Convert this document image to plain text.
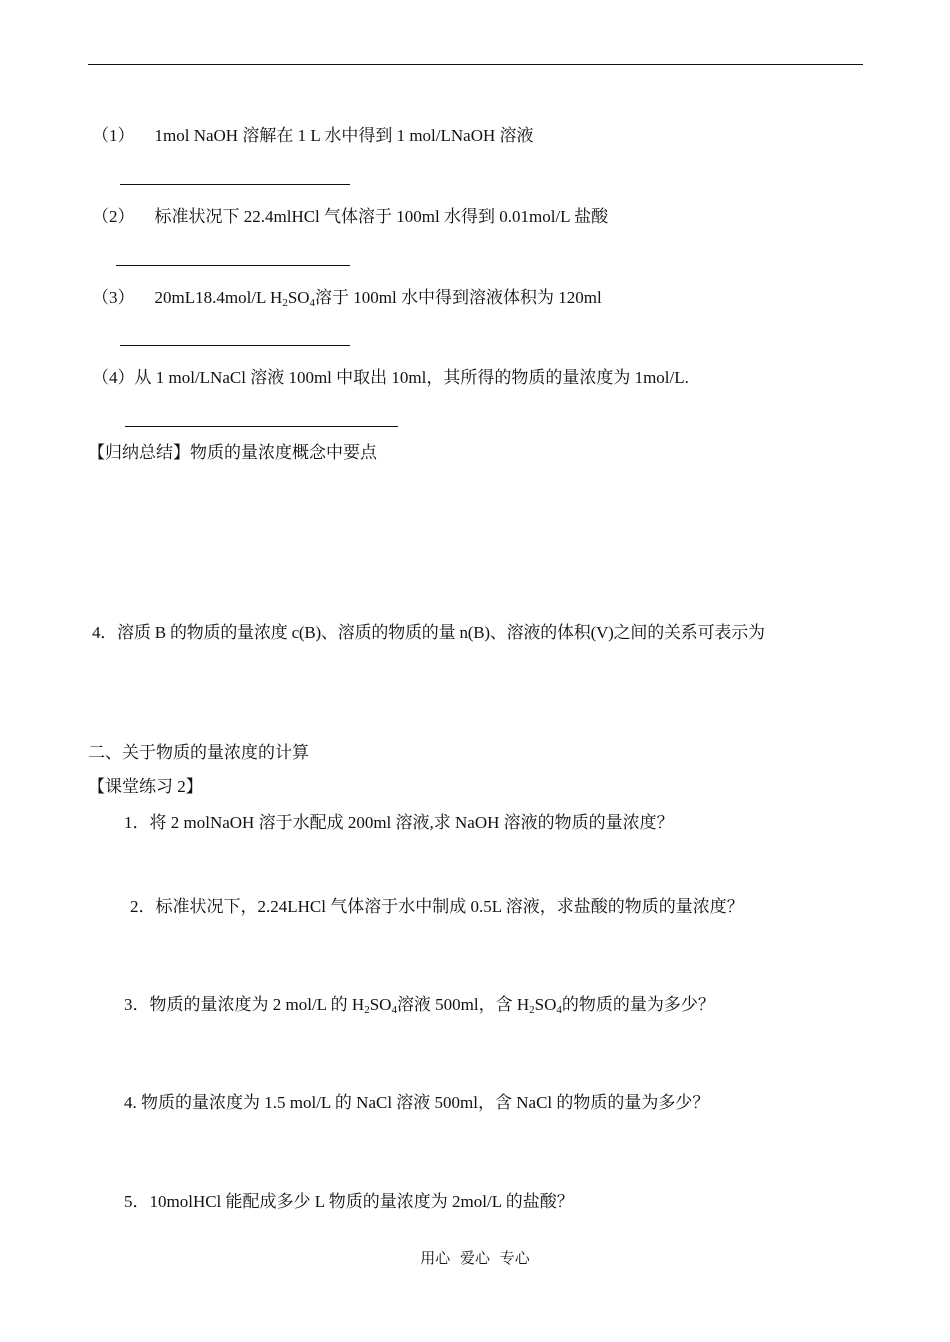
（1） 1mol NaOH 溶解在 1 L 水中得到 1 mol/LNaOH 溶液
（2） 标准状况下 22.4mlHCl 气体溶于 100ml 水得到 0.01mol/L 盐酸
（3） 20mL18.4mol/L $H_2SO_4$溶于 100ml 水中得到溶液体积为 120ml
（4）从 1 mol/LNaCl 溶液 100ml 中取出 10ml，其所得的物质的量浓度为 1mol/L.
【归纳总结】物质的量浓度概念中要点
4．溶质 B 的物质的量浓度 c(B)、溶质的物质的量 n(B)、溶液的体积(V)之间的关系可表示为
二、关于物质的量浓度的计算
【课堂练习 2】
1．将 2 molNaOH 溶于水配成 200ml 溶液,求 NaOH 溶液的物质的量浓度？
2．标准状况下，2.24LHCl 气体溶于水中制成 0.5L 溶液，求盐酸的物质的量浓度？
3．物质的量浓度为 2 mol/L 的 $H_2SO_4$溶液 500ml，含 $H_2SO_4$的物质的量为多少？
4. 物质的量浓度为 1.5 mol/L 的 NaCl 溶液 500ml，含 NaCl 的物质的量为多少？
5．10molHCl 能配成多少 L 物质的量浓度为 2mol/L 的盐酸？
用心 爱心 专心
